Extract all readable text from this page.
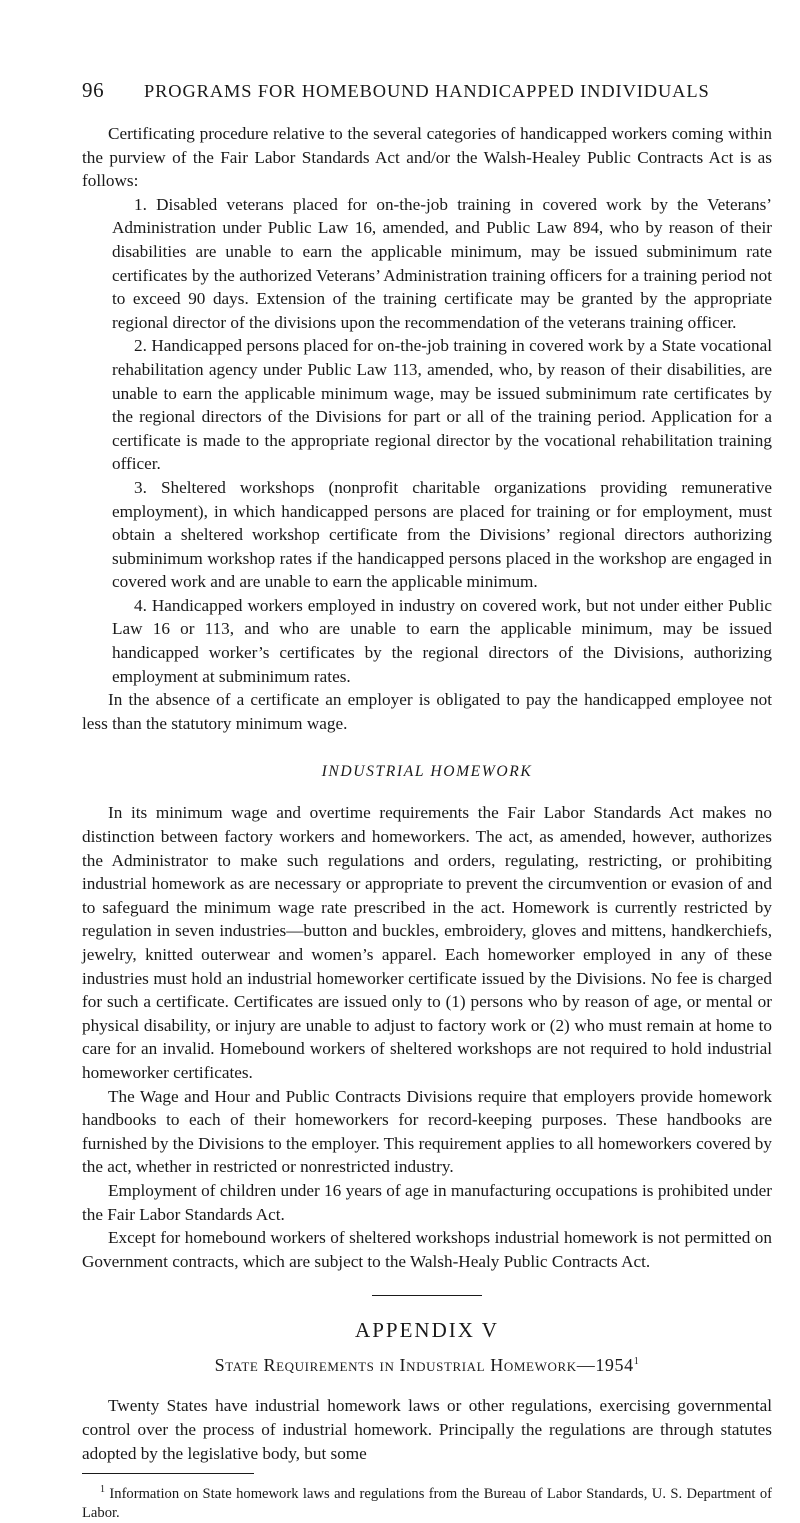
96 PROGRAMS FOR HOMEBOUND HANDICAPPED INDIVIDUALS

Certificating procedure relative to the several categories of handicapped workers coming within the purview of the Fair Labor Standards Act and/or the Walsh-Healey Public Contracts Act is as follows:

1. Disabled veterans placed for on-the-job training in covered work by the Veterans’ Administration under Public Law 16, amended, and Public Law 894, who by reason of their disabilities are unable to earn the applicable minimum, may be issued subminimum rate certificates by the authorized Veterans’ Administration training officers for a training period not to exceed 90 days. Extension of the training certificate may be granted by the appropriate regional director of the divisions upon the recommendation of the veterans training officer.

2. Handicapped persons placed for on-the-job training in covered work by a State vocational rehabilitation agency under Public Law 113, amended, who, by reason of their disabilities, are unable to earn the applicable minimum wage, may be issued subminimum rate certificates by the regional directors of the Divisions for part or all of the training period. Application for a certificate is made to the appropriate regional director by the vocational rehabilitation training officer.

3. Sheltered workshops (nonprofit charitable organizations providing remunerative employment), in which handicapped persons are placed for training or for employment, must obtain a sheltered workshop certificate from the Divisions’ regional directors authorizing subminimum workshop rates if the handicapped persons placed in the workshop are engaged in covered work and are unable to earn the applicable minimum.

4. Handicapped workers employed in industry on covered work, but not under either Public Law 16 or 113, and who are unable to earn the applicable minimum, may be issued handicapped worker’s certificates by the regional directors of the Divisions, authorizing employment at subminimum rates.

In the absence of a certificate an employer is obligated to pay the handicapped employee not less than the statutory minimum wage.

INDUSTRIAL HOMEWORK

In its minimum wage and overtime requirements the Fair Labor Standards Act makes no distinction between factory workers and homeworkers. The act, as amended, however, authorizes the Administrator to make such regulations and orders, regulating, restricting, or prohibiting industrial homework as are necessary or appropriate to prevent the circumvention or evasion of and to safeguard the minimum wage rate prescribed in the act. Homework is currently restricted by regulation in seven industries—button and buckles, embroidery, gloves and mittens, handkerchiefs, jewelry, knitted outerwear and women’s apparel. Each homeworker employed in any of these industries must hold an industrial homeworker certificate issued by the Divisions. No fee is charged for such a certificate. Certificates are issued only to (1) persons who by reason of age, or mental or physical disability, or injury are unable to adjust to factory work or (2) who must remain at home to care for an invalid. Homebound workers of sheltered workshops are not required to hold industrial homeworker certificates.

The Wage and Hour and Public Contracts Divisions require that employers provide homework handbooks to each of their homeworkers for record-keeping purposes. These handbooks are furnished by the Divisions to the employer. This requirement applies to all homeworkers covered by the act, whether in restricted or nonrestricted industry.

Employment of children under 16 years of age in manufacturing occupations is prohibited under the Fair Labor Standards Act.

Except for homebound workers of sheltered workshops industrial homework is not permitted on Government contracts, which are subject to the Walsh-Healy Public Contracts Act.

APPENDIX V
State Requirements in Industrial Homework—1954$^1$

Twenty States have industrial homework laws or other regulations, exercising governmental control over the process of industrial homework. Principally the regulations are through statutes adopted by the legislative body, but some

$^1$ Information on State homework laws and regulations from the Bureau of Labor Standards, U. S. Department of Labor.
